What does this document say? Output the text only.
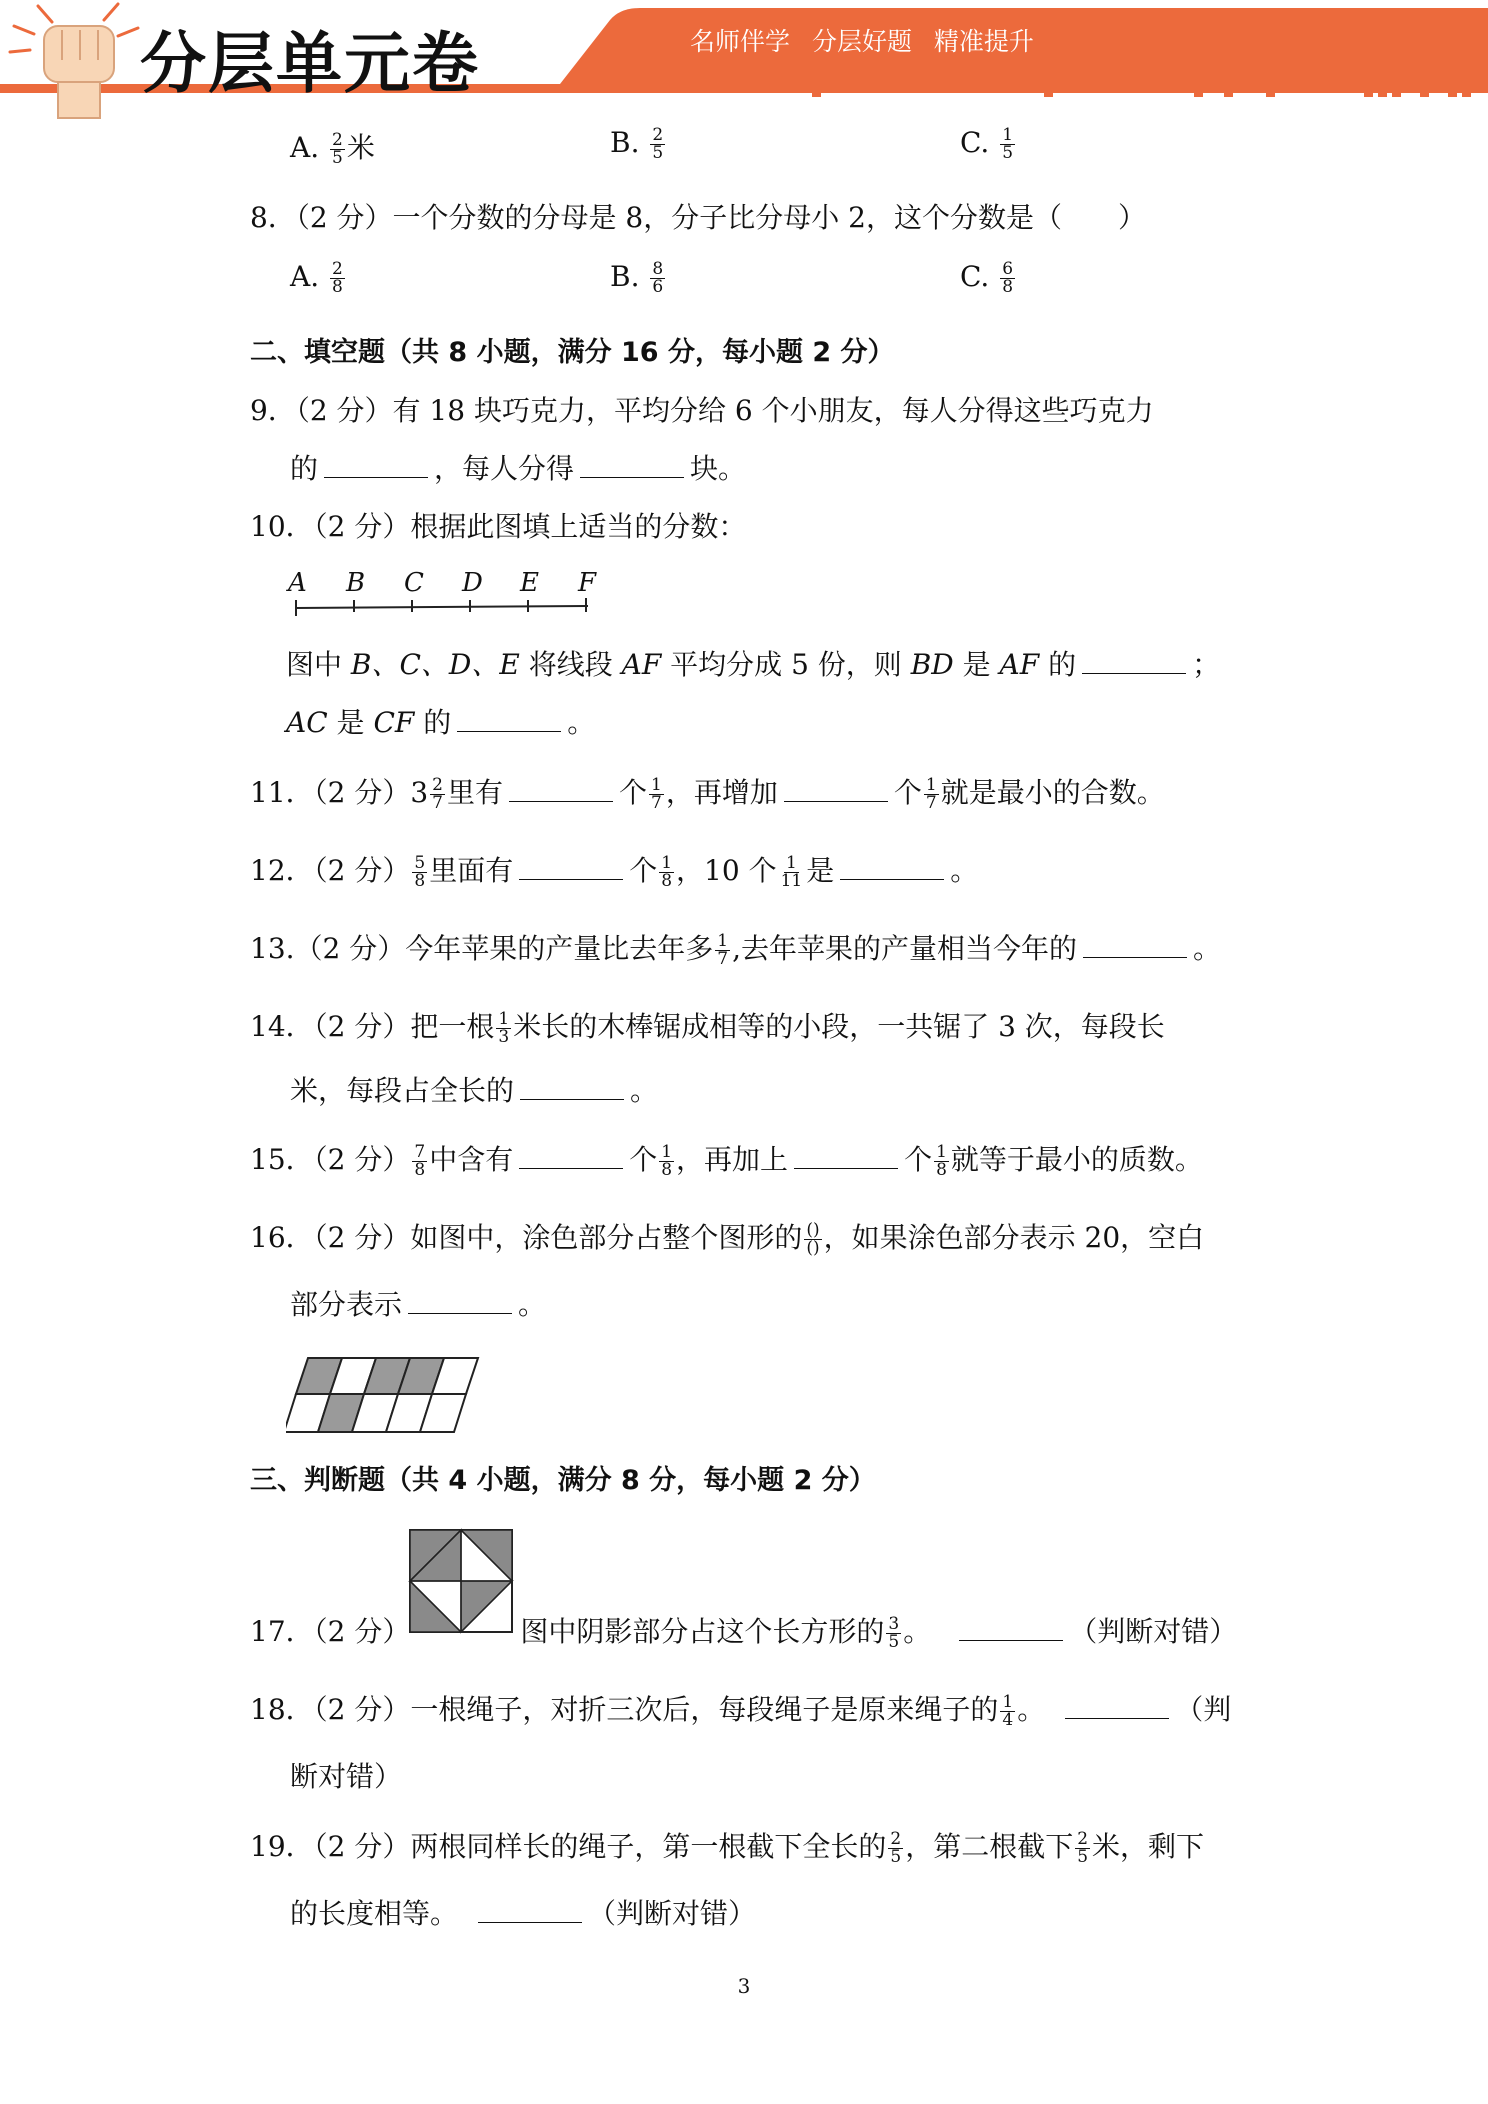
分层单元卷	名师伴学 分层好题 精准提升
A. $\frac{2}{5}$ 米	B. $\frac{2}{5}$	C. $\frac{1}{5}$
8．（2 分）一个分数的分母是 8，分子比分母小 2，这个分数是（　　）
A. $\frac{2}{8}$	B. $\frac{8}{6}$	C. $\frac{6}{8}$
二、填空题（共 8 小题，满分 16 分，每小题 2 分）
9．（2 分）有 18 块巧克力，平均分给 6 个小朋友，每人分得这些巧克力
的	，每人分得	块。
10．（2 分）根据此图填上适当的分数：
A B C D E F
图中 B、C、D、E 将线段 AF 平均分成 5 份，则 BD 是 AF 的	；
AC 是 CF 的	。
11．（2 分）$3 \frac{2}{7}$ 里有	个 $\frac{1}{7}$ ，再增加	个 $\frac{1}{7}$ 就是最小的合数。
12．（2 分） $\frac{5}{8}$ 里面有	个 $\frac{1}{8}$ ，10 个 $\frac{1}{11}$ 是	。
13.（2 分）今年苹果的产量比去年多 $\frac{1}{7}$ ,去年苹果的产量相当今年的	。
14．（2 分）把一根 $\frac{1}{3}$ 米长的木棒锯成相等的小段，一共锯了 3 次，每段长
米，每段占全长的	。
15．（2 分） $\frac{7}{8}$ 中含有	个 $\frac{1}{8}$ ，再加上	个 $\frac{1}{8}$ 就等于最小的质数。
16．（2 分）如图中，涂色部分占整个图形的 $\frac{()}{()}$ ，如果涂色部分表示 20，空白
部分表示	。
三、判断题（共 4 小题，满分 8 分，每小题 2 分）
17．（2 分）	图中阴影部分占这个长方形的 $\frac{3}{5}$ 。	（判断对错）
18．（2 分）一根绳子，对折三次后，每段绳子是原来绳子的 $\frac{1}{4}$ 。	（判
断对错）
19．（2 分）两根同样长的绳子，第一根截下全长的 $\frac{2}{5}$ ，第二根截下 $\frac{2}{5}$ 米，剩下
的长度相等。	（判断对错）
3
